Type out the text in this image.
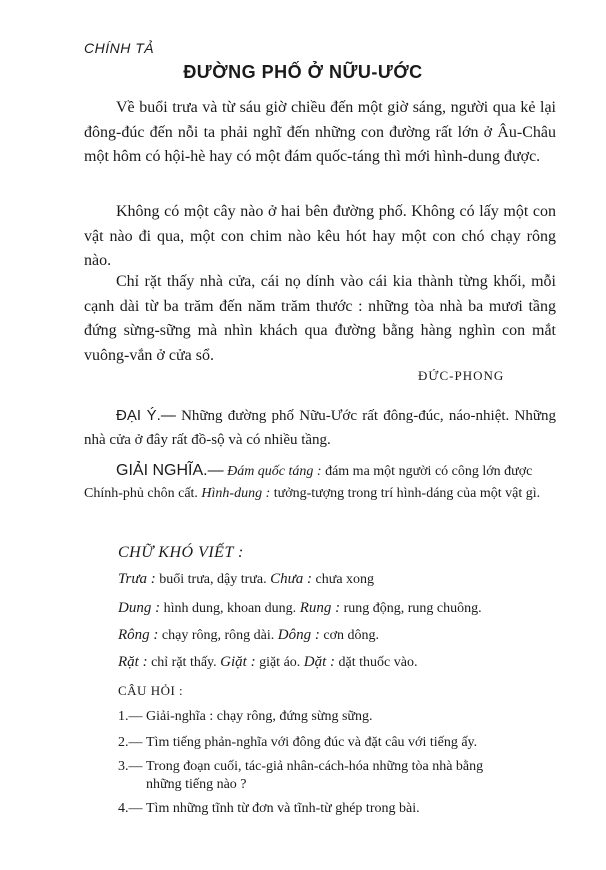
CHÍNH TẢ
ĐƯỜNG PHỐ Ở NỮU-ƯỚC

Về buổi trưa và từ sáu giờ chiều đến một giờ sáng, người qua kẻ lại đông-đúc đến nỗi ta phải nghĩ đến những con đường rất lớn ở Âu-Châu một hôm có hội-hè hay có một đám quốc-táng thì mới hình-dung được.

Không có một cây nào ở hai bên đường phố. Không có lấy một con vật nào đi qua, một con chim nào kêu hót hay một con chó chạy rông nào.

Chỉ rặt thấy nhà cửa, cái nọ dính vào cái kia thành từng khối, mỗi cạnh dài từ ba trăm đến năm trăm thước : những tòa nhà ba mươi tầng đứng sừng-sững mà nhìn khách qua đường bằng hàng nghìn con mắt vuông-vắn ở cửa sổ.

ĐỨC-PHONG

ĐẠI Ý.— Những đường phố Nữu-Ước rất đông-đúc, náo-nhiệt. Những nhà cửa ở đây rất đồ-sộ và có nhiều tầng.

GIẢI NGHĨA.— Đám quốc táng : đám ma một người có công lớn được Chính-phủ chôn cất. Hình-dung : tưởng-tượng trong trí hình-dáng của một vật gì.

CHỮ KHÓ VIẾT :
Trưa : buổi trưa, dậy trưa. Chưa : chưa xong
Dung : hình dung, khoan dung. Rung : rung động, rung chuông.
Rông : chạy rông, rông dài. Dông : cơn dông.
Rặt : chỉ rặt thấy. Giặt : giặt áo. Dặt : dặt thuốc vào.
CÂU HỎI :
1.— Giải-nghĩa : chạy rông, đứng sừng sững.
2.— Tìm tiếng phản-nghĩa với đông đúc và đặt câu với tiếng ấy.
3.— Trong đoạn cuối, tác-giả nhân-cách-hóa những tòa nhà bằng
những tiếng nào ?
4.— Tìm những tĩnh từ đơn và tĩnh-từ ghép trong bài.
